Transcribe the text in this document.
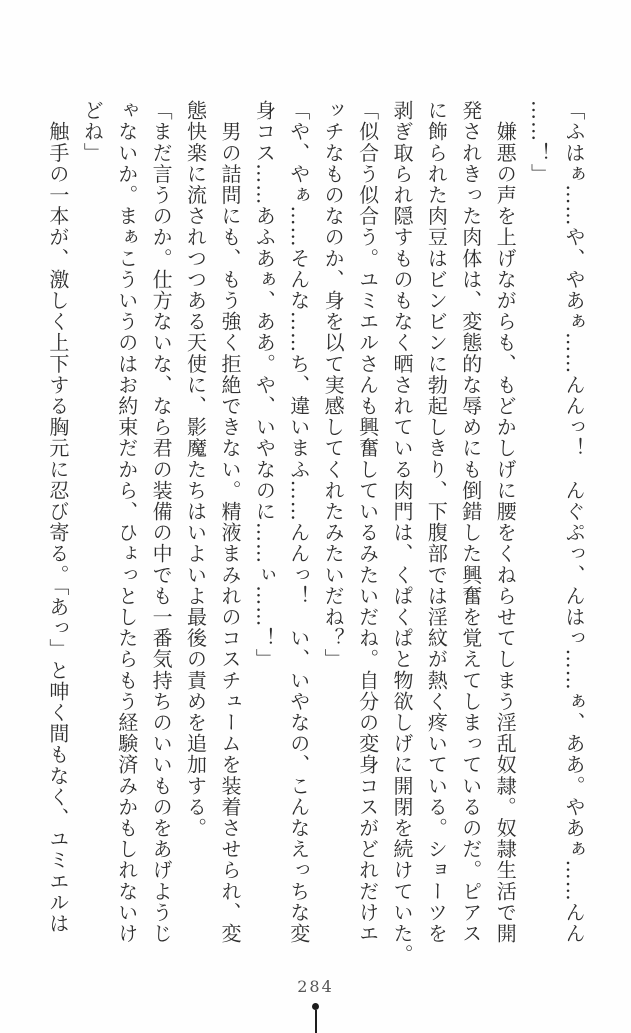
「ふはぁ……や、やあぁ……んんっ！　んぐぷっ、んはっ……ぁ、ああ。やあぁ……んん
……！」
　嫌悪の声を上げながらも、もどかしげに腰をくねらせてしまう淫乱奴隷。奴隷生活で開
発されきった肉体は、変態的な辱めにも倒錯した興奮を覚えてしまっているのだ。ピアス
に飾られた肉豆はビンビンに勃起しきり、下腹部では淫紋が熱く疼いている。ショーツを
剥ぎ取られ隠すものもなく晒されている肉門は、くぱくぱと物欲しげに開閉を続けていた。
「似合う似合う。ユミエルさんも興奮しているみたいだね。自分の変身コスがどれだけエ
ッチなものなのか、身を以て実感してくれたみたいだね？」
「や、やぁ……そんな……ち、違いまふ……んんっ！　い、いやなの、こんなえっちな変
身コス……あふあぁ、ああ。や、いやなのに……ぃ……！」
　男の詰問にも、もう強く拒絶できない。精液まみれのコスチュームを装着させられ、変
態快楽に流されつつある天使に、影魔たちはいよいよ最後の責めを追加する。
「まだ言うのか。仕方ないな、なら君の装備の中でも一番気持ちのいいものをあげようじ
ゃないか。まぁこういうのはお約束だから、ひょっとしたらもう経験済みかもしれないけ
どね」
　触手の一本が、激しく上下する胸元に忍び寄る。「あっ」と呻く間もなく、ユミエルは
284
